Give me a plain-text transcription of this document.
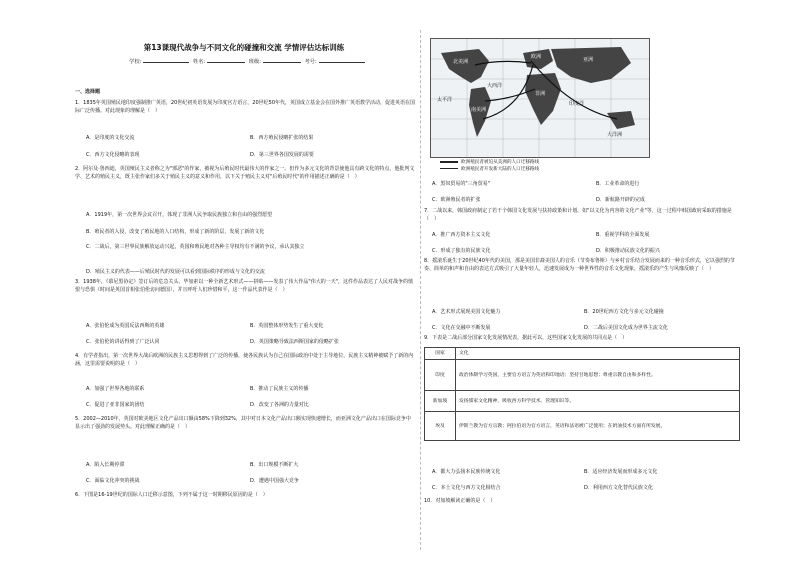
第13课现代战争与不同文化的碰撞和交流 学情评估达标训练
学校:	姓名:	班级:	考号:
一、选择题
1．1835年英国殖民地印度强制推广英语，20世纪初英语发展为印度官方语言，20世纪50年代，英国成立基金会在国外推广英语教学活动，促进英语在国际广泛传播。对此现象的理解是（　）
A．是印度的文化交流	B．西方殖民侵略扩张的结果
C．西方文化侵略的表现	D．第三世界各国发展的需要
2．阿尔及·鲁西迪，英国殖民主义者称之为"邪恶"的作家，被视为后殖民时代最伟大的作家之一。但作为多元文化的背景使他具有跨文化的特点，他批判文学、艺术的殖民主义，既主张作家们多关于殖民主义的意义和作用，以下关于殖民主义对"后殖民时代"的作用描述正确的是（　）
A．1919年，第一次世界会议召开，体现了非洲人民争取民族独立和自由的强烈愿望
B．殖民者的入侵，改变了殖民地的人口结构，形成了新的阶层，发展了新的文化
C．二战后，第三世界民族解放运动兴起，英国和殖民地对各种主导权均有不满的争议，承认其独立
D．殖民主义的代表——后殖民时代的发展可以看到国际秩序的形成与文化的交流
3．1938年，《慕尼黑协定》签订后的危急关头，毕加索以一种全新艺术形式——拼贴——发表了伟大作品"伟大的一天"，这件作品表达了人民对战争的愤恨与恐惧（时间是英国首相张伯伦访问德国），并且呼吁人们珍惜和平，这一作品代表作是（　）
A．张伯伦成为英国反法西斯的英雄	B．英国整体形势发生了重大变化
C．张伯伦的讲话得到了广泛认同	D．英国策略导致法西斯国家的侵略扩张
4．有学者指出，第一次世界大战后欧洲的民族主义思想得到了广泛的传播，使各民族认为自己在国际政治中处于主导地位，民族主义精神被赋予了新的内涵，这里需要说明的是（　）
A．加强了世界各地的联系	B．推动了民族主义的传播
C．促进了亚非国家的团结	D．改变了各洲的力量对比
5．2002—2010年，英国对欧美地区文化产品出口额由58%下降到32%，其中对日本文化产品出口额实现快速增长，而亚洲文化产品出口在国际竞争中显示出了强劲的发展势头。对此理解正确的是（　）
A．陷入长期停滞	B．出口规模不断扩大
C．面临文化冲突的挑战	D．遭遇中国强大竞争
6．下图是16-19世纪的国际人口迁移示意图，下列不属于这一时期移民原因的是（　）
大西洋
太平洋
印度洋
欧洲	亚洲
非洲
北美洲
南美洲
大洋洲
欧洲殖民者被迫从美洲的人口迁移路线
欧洲殖民者开发新大陆的人口迁移路线
A．黑奴贸易的"三角贸易"	B．工业革命的进行
C．欧洲殖民者的扩张	D．新航路开辟的完成
7．二战以来，韩国政府制定了若干个韩国文化发展与扶持政策和计划，如"以文化为内容的文化产业"等，这一过程中韩国政府采取的措施是（　）
A．推广西方资本主义文化	B．重视学科的全面发展
C．形成了独有的民族文化	D．积极推动民族文化的振兴
8．摇滚乐诞生于20世纪40年代的美国，那是美国非裔美国人的音乐（节奏布鲁斯）与乡村音乐结合发展而来的一种音乐形式，它以强烈的节奏、简单的和声和自由的表达方式吸引了大量年轻人，迅速发展成为一种世界性的音乐文化现象，摇滚乐的产生与风靡反映了（　）
A．艺术形式展现美国文化魅力	B．20世纪西方文化与多元文化碰撞
C．文化在交融中不断发展	D．二战后美国文化成为世界主流文化
9．下表是二战后部分国家文化发展情况表，据此可以，这些国家文化发展的共同点是（　）
国家	文化
印度	政治体制学习英国，主要官方语言为英语和印地语；坚持甘地思想；尊重宗教自由和多样性。
新加坡	发扬儒家文化精神，吸收西方科学技术、管理知识等。
埃及	伊斯兰教为官方宗教；阿拉伯语为官方语言，英语和法语被广泛使用；在奶油技术方面有所发展。
A．都大力弘扬本民族传统文化	B．适应经济发展而形成多元文化
C．本土文化与西方文化相结合	D．利用西方文化替代民族文化
10．对加坡解读正确的是（　）
